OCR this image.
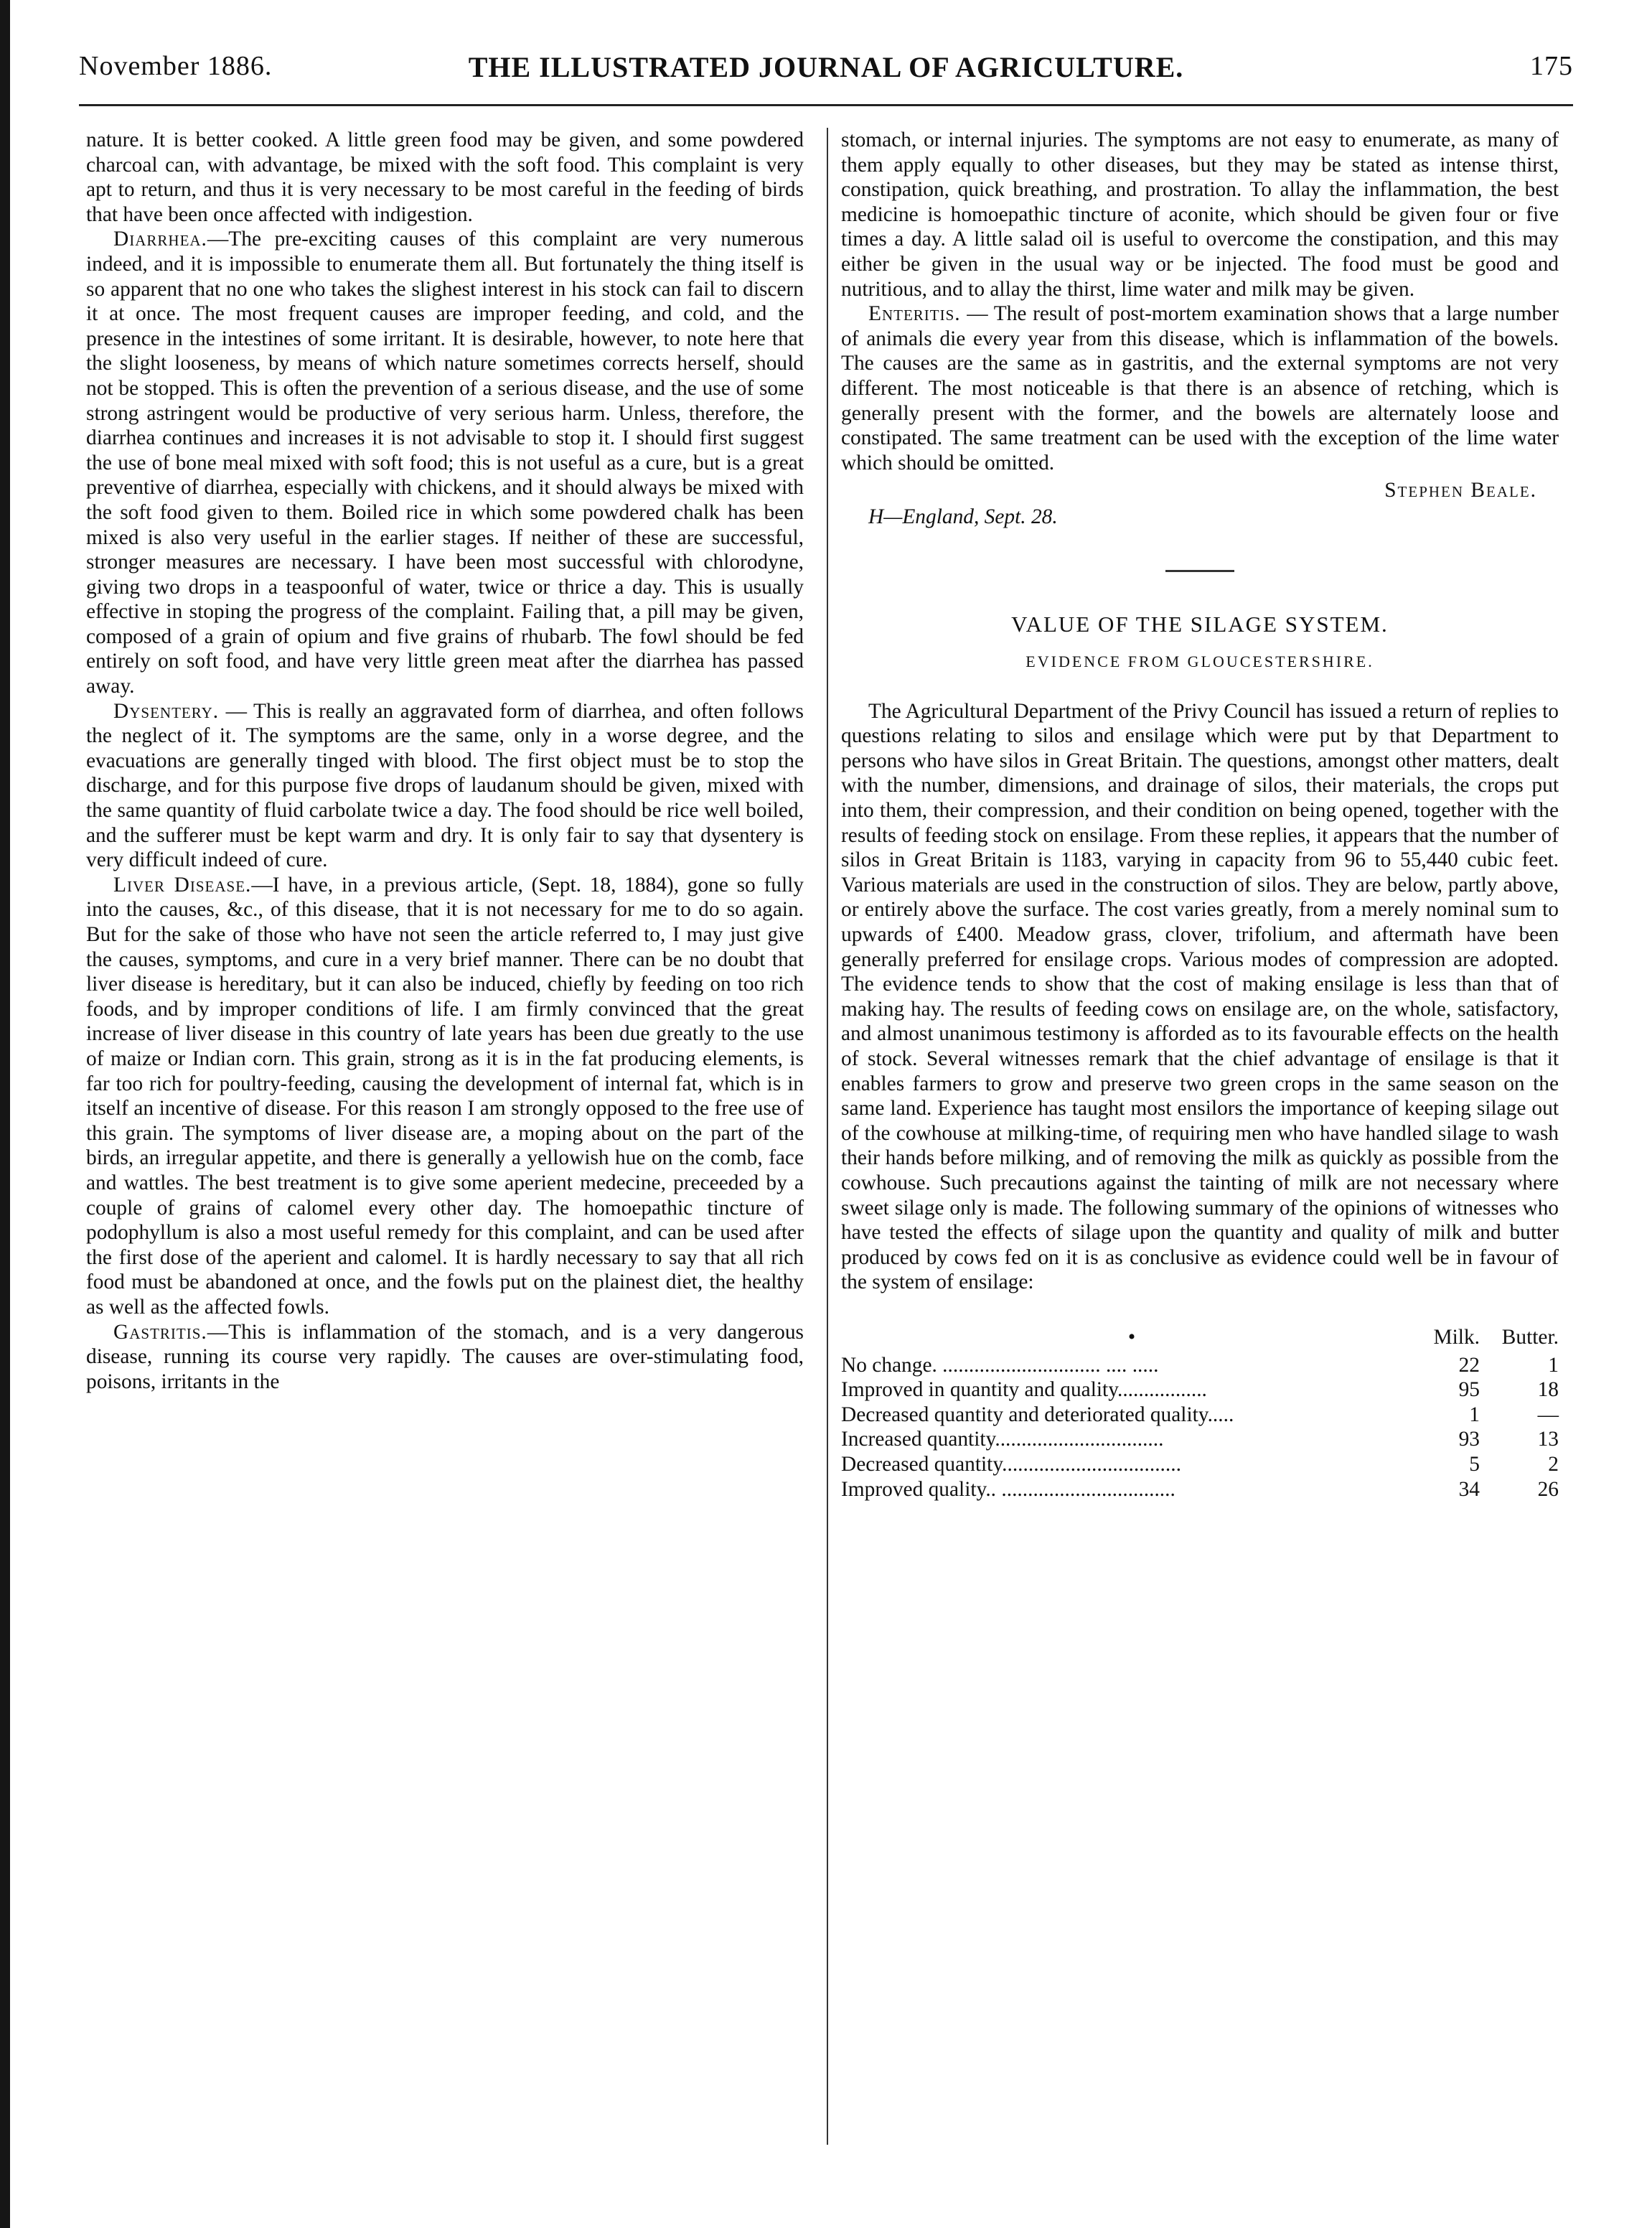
November 1886.	THE ILLUSTRATED JOURNAL OF AGRICULTURE.	175

nature. It is better cooked. A little green food may be given, and some powdered charcoal can, with advantage, be mixed with the soft food. This complaint is very apt to return, and thus it is very necessary to be most careful in the feeding of birds that have been once affected with indigestion.

Diarrhea.—The pre-exciting causes of this complaint are very numerous indeed, and it is impossible to enumerate them all. But fortunately the thing itself is so apparent that no one who takes the slighest interest in his stock can fail to discern it at once. The most frequent causes are improper feeding, and cold, and the presence in the intestines of some irritant. It is desirable, however, to note here that the slight looseness, by means of which nature sometimes corrects herself, should not be stopped. This is often the prevention of a serious disease, and the use of some strong astringent would be productive of very serious harm. Unless, therefore, the diarrhea continues and increases it is not advisable to stop it. I should first suggest the use of bone meal mixed with soft food; this is not useful as a cure, but is a great preventive of diarrhea, especially with chickens, and it should always be mixed with the soft food given to them. Boiled rice in which some powdered chalk has been mixed is also very useful in the earlier stages. If neither of these are successful, stronger measures are necessary. I have been most successful with chlorodyne, giving two drops in a teaspoonful of water, twice or thrice a day. This is usually effective in stoping the progress of the complaint. Failing that, a pill may be given, composed of a grain of opium and five grains of rhubarb. The fowl should be fed entirely on soft food, and have very little green meat after the diarrhea has passed away.

Dysentery. — This is really an aggravated form of diarrhea, and often follows the neglect of it. The symptoms are the same, only in a worse degree, and the evacuations are generally tinged with blood. The first object must be to stop the discharge, and for this purpose five drops of laudanum should be given, mixed with the same quantity of fluid carbolate twice a day. The food should be rice well boiled, and the sufferer must be kept warm and dry. It is only fair to say that dysentery is very difficult indeed of cure.

Liver Disease.—I have, in a previous article, (Sept. 18, 1884), gone so fully into the causes, &c., of this disease, that it is not necessary for me to do so again. But for the sake of those who have not seen the article referred to, I may just give the causes, symptoms, and cure in a very brief manner. There can be no doubt that liver disease is hereditary, but it can also be induced, chiefly by feeding on too rich foods, and by improper conditions of life. I am firmly convinced that the great increase of liver disease in this country of late years has been due greatly to the use of maize or Indian corn. This grain, strong as it is in the fat producing elements, is far too rich for poultry-feeding, causing the development of internal fat, which is in itself an incentive of disease. For this reason I am strongly opposed to the free use of this grain. The symptoms of liver disease are, a moping about on the part of the birds, an irregular appetite, and there is generally a yellowish hue on the comb, face and wattles. The best treatment is to give some aperient medecine, preceeded by a couple of grains of calomel every other day. The homoepathic tincture of podophyllum is also a most useful remedy for this complaint, and can be used after the first dose of the aperient and calomel. It is hardly necessary to say that all rich food must be abandoned at once, and the fowls put on the plainest diet, the healthy as well as the affected fowls.

Gastritis.—This is inflammation of the stomach, and is a very dangerous disease, running its course very rapidly. The causes are over-stimulating food, poisons, irritants in the

stomach, or internal injuries. The symptoms are not easy to enumerate, as many of them apply equally to other diseases, but they may be stated as intense thirst, constipation, quick breathing, and prostration. To allay the inflammation, the best medicine is homoepathic tincture of aconite, which should be given four or five times a day. A little salad oil is useful to overcome the constipation, and this may either be given in the usual way or be injected. The food must be good and nutritious, and to allay the thirst, lime water and milk may be given.

Enteritis. — The result of post-mortem examination shows that a large number of animals die every year from this disease, which is inflammation of the bowels. The causes are the same as in gastritis, and the external symptoms are not very different. The most noticeable is that there is an absence of retching, which is generally present with the former, and the bowels are alternately loose and constipated. The same treatment can be used with the exception of the lime water which should be omitted.

Stephen Beale.

H—England, Sept. 28.

VALUE OF THE SILAGE SYSTEM.
EVIDENCE FROM GLOUCESTERSHIRE.

The Agricultural Department of the Privy Council has issued a return of replies to questions relating to silos and ensilage which were put by that Department to persons who have silos in Great Britain. The questions, amongst other matters, dealt with the number, dimensions, and drainage of silos, their materials, the crops put into them, their compression, and their condition on being opened, together with the results of feeding stock on ensilage. From these replies, it appears that the number of silos in Great Britain is 1183, varying in capacity from 96 to 55,440 cubic feet. Various materials are used in the construction of silos. They are below, partly above, or entirely above the surface. The cost varies greatly, from a merely nominal sum to upwards of £400. Meadow grass, clover, trifolium, and aftermath have been generally preferred for ensilage crops. Various modes of compression are adopted. The evidence tends to show that the cost of making ensilage is less than that of making hay. The results of feeding cows on ensilage are, on the whole, satisfactory, and almost unanimous testimony is afforded as to its favourable effects on the health of stock. Several witnesses remark that the chief advantage of ensilage is that it enables farmers to grow and preserve two green crops in the same season on the same land. Experience has taught most ensilors the importance of keeping silage out of the cowhouse at milking-time, of requiring men who have handled silage to wash their hands before milking, and of removing the milk as quickly as possible from the cowhouse. Such precautions against the tainting of milk are not necessary where sweet silage only is made. The following summary of the opinions of witnesses who have tested the effects of silage upon the quantity and quality of milk and butter produced by cows fed on it is as conclusive as evidence could well be in favour of the system of ensilage:

•	Milk.	Butter.
No change. .............................. .... .....	22	1
Improved in quantity and quality.................	95	18
Decreased quantity and deteriorated quality.....	1	—
Increased quantity................................	93	13
Decreased quantity..................................	5	2
Improved quality.. .................................	34	26
